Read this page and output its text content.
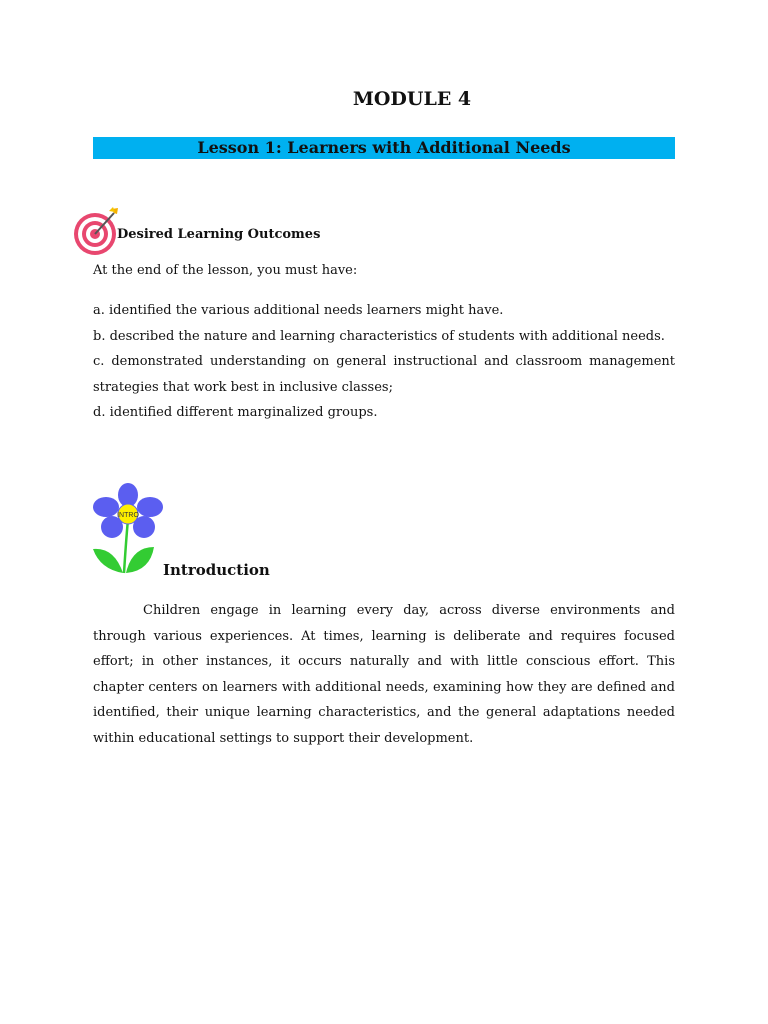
MODULE 4
Lesson 1: Learners with Additional Needs
Desired Learning Outcomes
At the end of the lesson, you must have:
a. identified the various additional needs learners might have.
b. described the nature and learning characteristics of students with additional needs.
c. demonstrated understanding on general instructional and classroom management strategies that work best in inclusive classes;
d. identified different marginalized groups.
INTRO
Introduction

Children engage in learning every day, across diverse environments and through various experiences. At times, learning is deliberate and requires focused effort; in other instances, it occurs naturally and with little conscious effort. This chapter centers on learners with additional needs, examining how they are defined and identified, their unique learning characteristics, and the general adaptations needed within educational settings to support their development.
